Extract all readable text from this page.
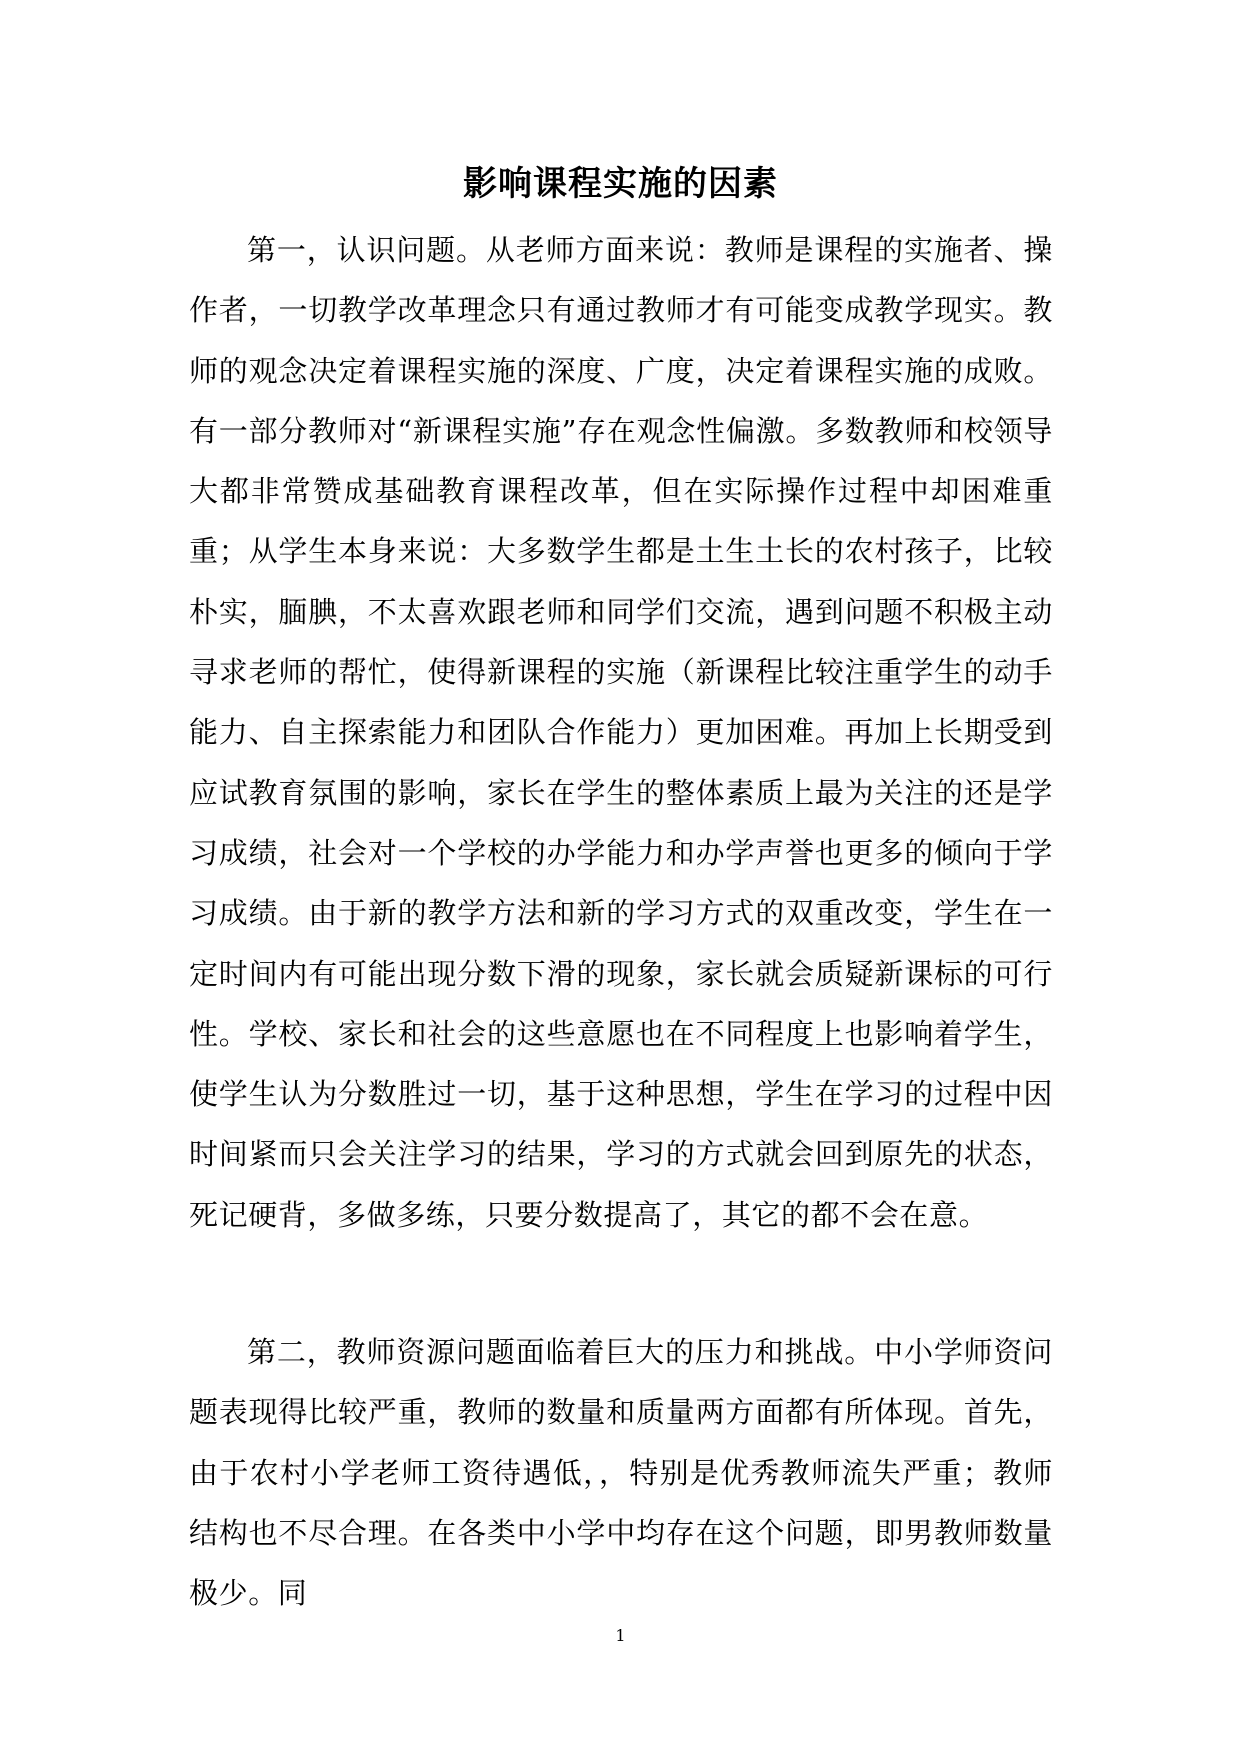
影响课程实施的因素

第一，认识问题。从老师方面来说：教师是课程的实施者、操作者，一切教学改革理念只有通过教师才有可能变成教学现实。教师的观念决定着课程实施的深度、广度，决定着课程实施的成败。有一部分教师对“新课程实施”存在观念性偏激。多数教师和校领导大都非常赞成基础教育课程改革，但在实际操作过程中却困难重重；从学生本身来说：大多数学生都是土生土长的农村孩子，比较朴实，腼腆，不太喜欢跟老师和同学们交流，遇到问题不积极主动寻求老师的帮忙，使得新课程的实施（新课程比较注重学生的动手能力、自主探索能力和团队合作能力）更加困难。再加上长期受到应试教育氛围的影响，家长在学生的整体素质上最为关注的还是学习成绩，社会对一个学校的办学能力和办学声誉也更多的倾向于学习成绩。由于新的教学方法和新的学习方式的双重改变，学生在一定时间内有可能出现分数下滑的现象，家长就会质疑新课标的可行性。学校、家长和社会的这些意愿也在不同程度上也影响着学生，使学生认为分数胜过一切，基于这种思想，学生在学习的过程中因时间紧而只会关注学习的结果，学习的方式就会回到原先的状态，死记硬背，多做多练，只要分数提高了，其它的都不会在意。

第二，教师资源问题面临着巨大的压力和挑战。中小学师资问题表现得比较严重，教师的数量和质量两方面都有所体现。首先，由于农村小学老师工资待遇低，，特别是优秀教师流失严重；教师结构也不尽合理。在各类中小学中均存在这个问题，即男教师数量极少。同

1
